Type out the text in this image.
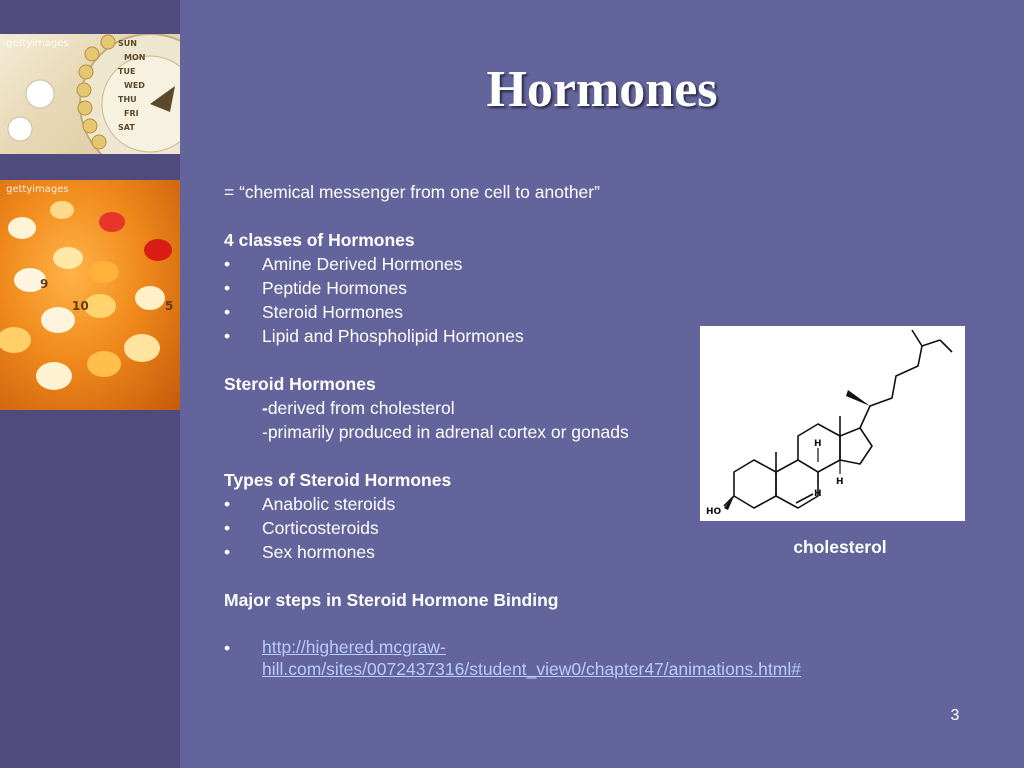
gettyimages	SUN
MON
TUE
WED
THU
FRI
SAT
gettyimages
9
10	5
Hormones
= “chemical messenger from one cell to another”
4 classes of Hormones
•	Amine Derived Hormones
•	Peptide Hormones
•	Steroid Hormones
•	Lipid and Phospholipid Hormones
Steroid Hormones
-derived from cholesterol
-primarily produced in adrenal cortex or gonads
Types of Steroid Hormones
•	Anabolic steroids
•	Corticosteroids
•	Sex hormones
Major steps in Steroid Hormone Binding
•	http://highered.mcgraw-hill.com/sites/0072437316/student_view0/chapter47/animations.html#
HO
H
H
H
cholesterol
3
